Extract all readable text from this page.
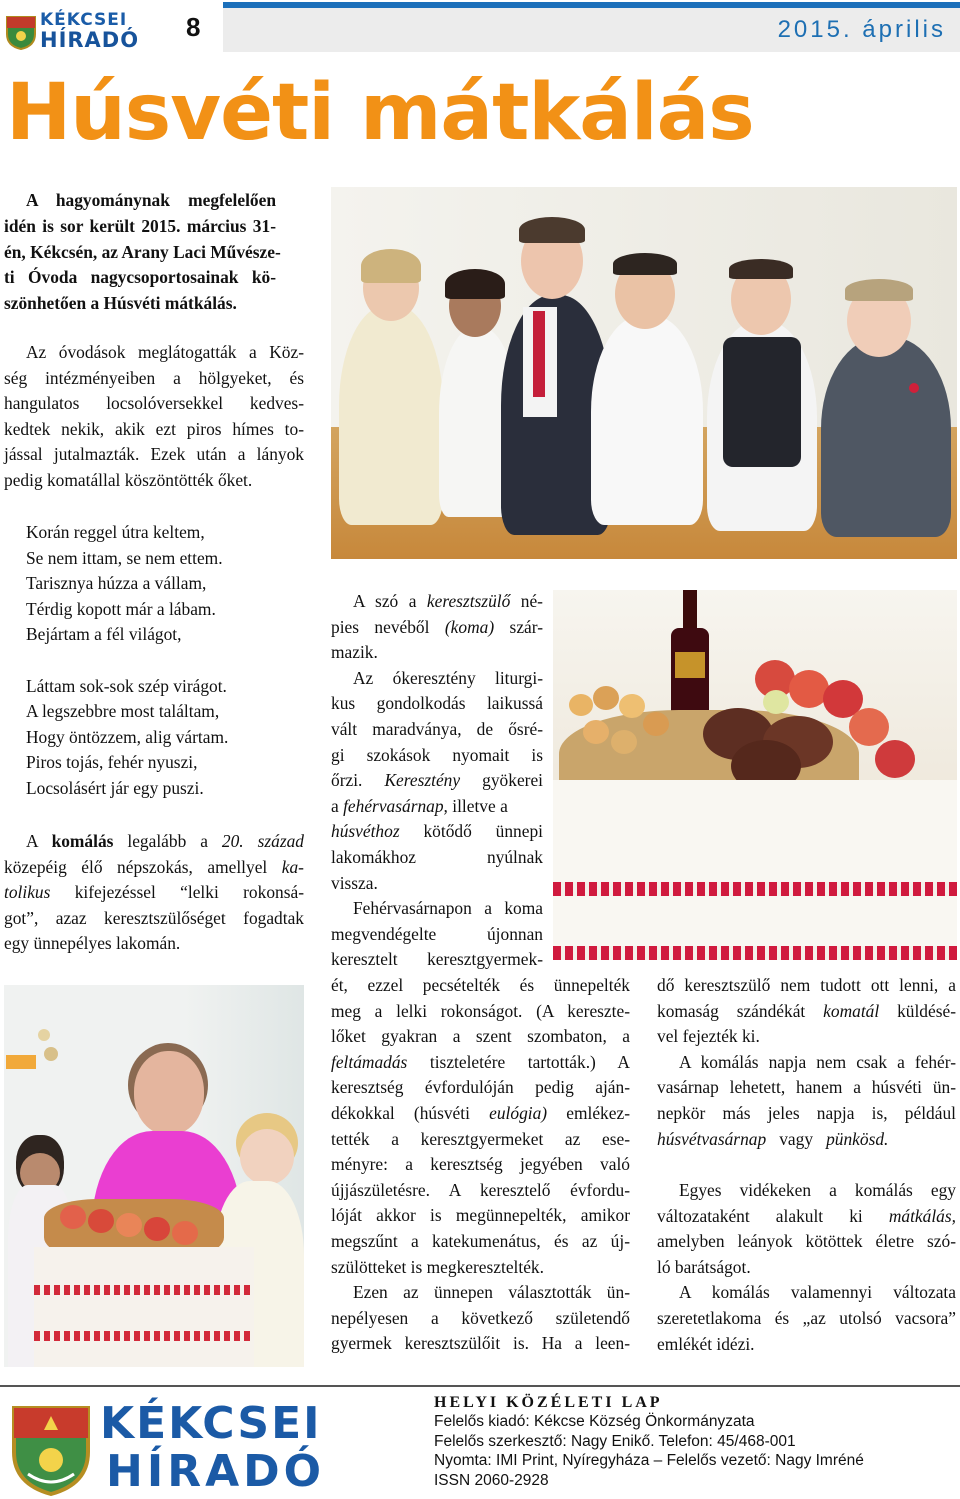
KÉKCSEI
HÍRADÓ 8	2015. április
Húsvéti mátkálás
A hagyománynak megfelelően
idén is sor került 2015. március 31-
én, Kékcsén, az Arany Laci Művésze-
ti Óvoda nagycsoportosainak kö-
szönhetően a Húsvéti mátkálás.
Az óvodások meglátogatták a Köz-
ség intézményeiben a hölgyeket, és
hangulatos locsolóversekkel kedves-
kedtek nekik, akik ezt piros hímes to-
jással jutalmazták. Ezek után a lányok
pedig komatállal köszöntötték őket.
Korán reggel útra keltem,
Se nem ittam, se nem ettem.
Tarisznya húzza a vállam,
Térdig kopott már a lábam.
Bejártam a fél világot,
Láttam sok-sok szép virágot.
A legszebbre most találtam,
Hogy öntözzem, alig vártam.
Piros tojás, fehér nyuszi,
Locsolásért jár egy puszi.
A komálás legalább a 20. század
közepéig élő népszokás, amellyel ka-
tolikus kifejezéssel “lelki rokonsá-
got”, azaz keresztszülőséget fogadtak
egy ünnepélyes lakomán.
A szó a keresztszülő né-
pies nevéből (koma) szár-
mazik.
Az ókeresztény liturgi-
kus gondolkodás laikussá
vált maradványa, de ősré-
gi szokások nyomait is
őrzi. Keresztény gyökerei
a fehérvasárnap, illetve a
húsvéthoz kötődő ünnepi
lakomákhoz nyúlnak
vissza.
Fehérvasárnapon a koma
megvendégelte újonnan
keresztelt keresztgyermek-
ét, ezzel pecsételték és ünnepelték
meg a lelki rokonságot. (A kereszte-
lőket gyakran a szent szombaton, a
feltámadás tiszteletére tartották.) A
keresztség évfordulóján pedig aján-
dékokkal (húsvéti eulógia) emlékez-
tették a keresztgyermeket az ese-
ményre: a keresztség jegyében való
újjászületésre. A keresztelő évfordu-
lóját akkor is megünnepelték, amikor
megszűnt a katekumenátus, és az új-
szülötteket is megkeresztelték.
Ezen az ünnepen választották ün-
nepélyesen a következő születendő
gyermek keresztszülőit is. Ha a leen-
dő keresztszülő nem tudott ott lenni, a
komaság szándékát komatál küldésé-
vel fejezték ki.
A komálás napja nem csak a fehér-
vasárnap lehetett, hanem a húsvéti ün-
nepkör más jeles napja is, például
húsvétvasárnap vagy pünkösd.
Egyes vidékeken a komálás egy
változataként alakult ki mátkálás,
amelyben leányok kötöttek életre szó-
ló barátságot.
A komálás valamennyi változata
szeretetlakoma és „az utolsó vacsora”
emlékét idézi.
KÉKCSEI
HÍRADÓ
HELYI KÖZÉLETI LAP
Felelős kiadó: Kékcse Község Önkormányzata
Felelős szerkesztő: Nagy Enikő. Telefon: 45/468-001
Nyomta: IMI Print, Nyíregyháza – Felelős vezető: Nagy Imréné
ISSN 2060-2928
